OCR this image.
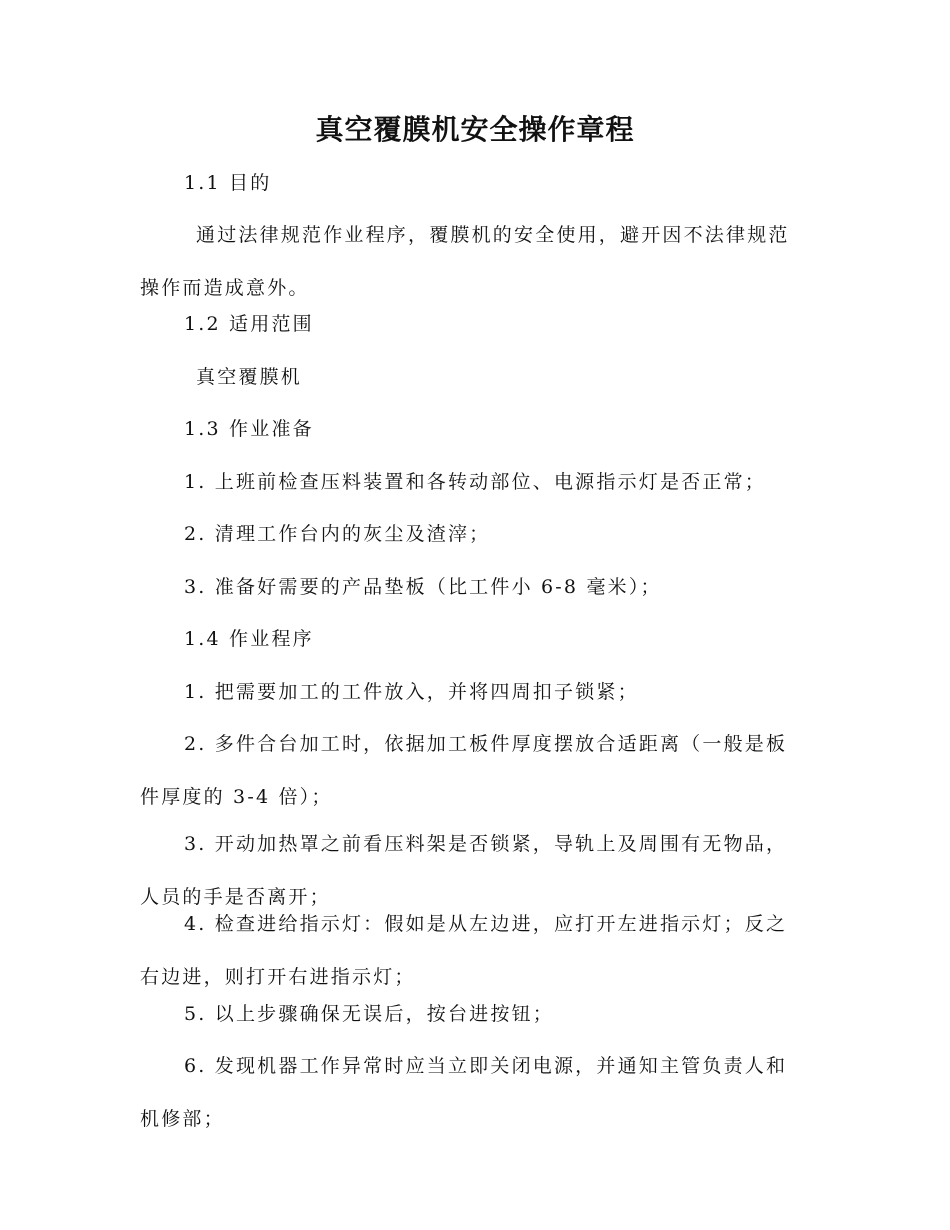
真空覆膜机安全操作章程
1.1 目的
通过法律规范作业程序，覆膜机的安全使用，避开因不法律规范操作而造成意外。
1.2 适用范围
真空覆膜机
1.3 作业准备
1. 上班前检查压料装置和各转动部位、电源指示灯是否正常；
2. 清理工作台内的灰尘及渣滓；
3. 准备好需要的产品垫板（比工件小 6-8 毫米）；
1.4 作业程序
1. 把需要加工的工件放入，并将四周扣子锁紧；
2. 多件合台加工时，依据加工板件厚度摆放合适距离（一般是板件厚度的 3-4 倍）；
3. 开动加热罩之前看压料架是否锁紧，导轨上及周围有无物品，人员的手是否离开；
4. 检查进给指示灯：假如是从左边进，应打开左进指示灯；反之右边进，则打开右进指示灯；
5. 以上步骤确保无误后，按台进按钮；
6. 发现机器工作异常时应当立即关闭电源，并通知主管负责人和机修部；
